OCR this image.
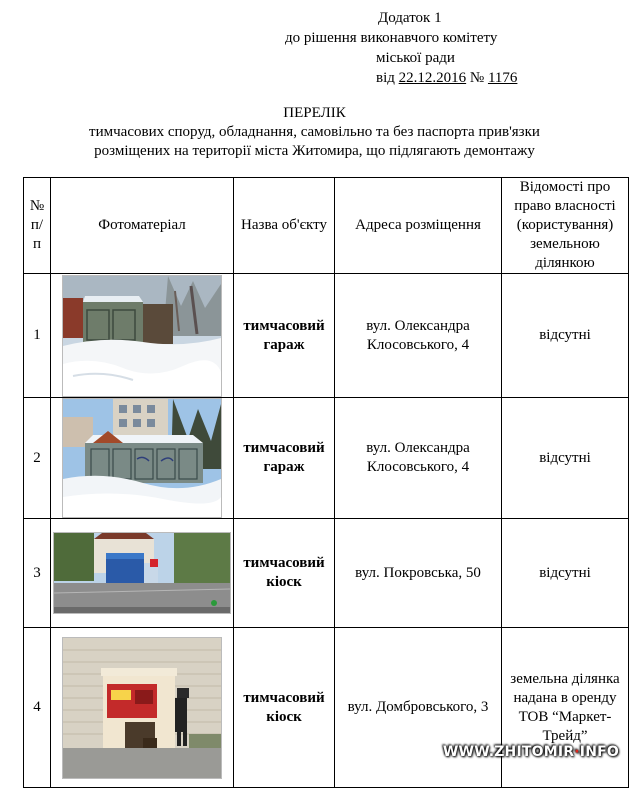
Додаток 1
до рішення виконавчого комітету
міської ради
від 22.12.2016 № 1176
ПЕРЕЛІК
тимчасових споруд, обладнання, самовільно та без паспорта прив'язки
розміщених на території міста Житомира, що підлягають демонтажу
№ п/ п	Фотоматеріал	Назва об'єкту	Адреса розміщення	Відомості про право власності (користування) земельною ділянкою
1		тимчасовий гараж	вул. Олександра Клосовського, 4	відсутні
2		тимчасовий гараж	вул. Олександра Клосовського, 4	відсутні
3		тимчасовий кіоск	вул. Покровська, 50	відсутні
4		тимчасовий кіоск	вул. Домбровського, 3	земельна ділянка надана в оренду ТОВ “Маркет-Трейд”
WWW.ZHITOMIR·INFO
